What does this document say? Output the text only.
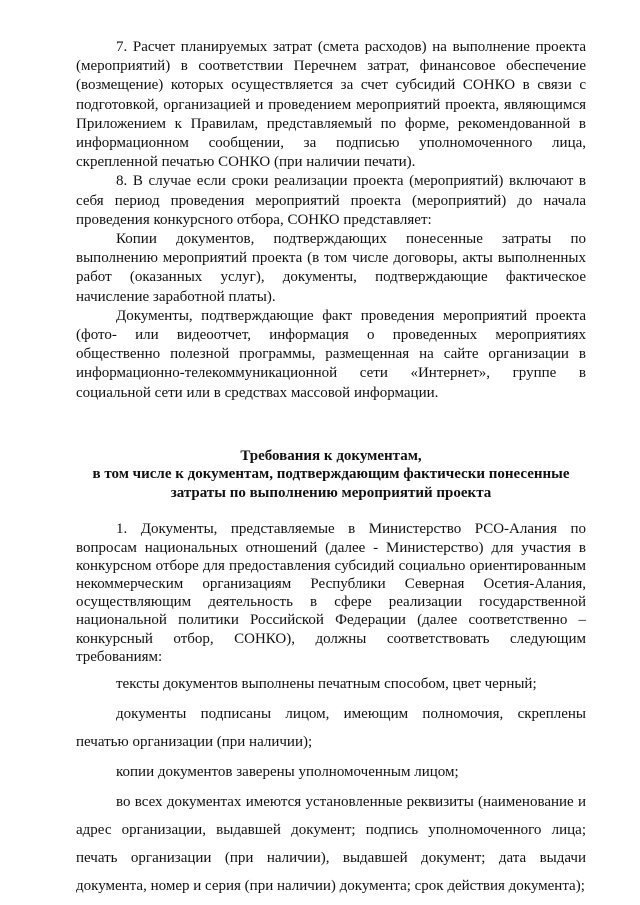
7. Расчет планируемых затрат (смета расходов) на выполнение проекта (мероприятий) в соответствии Перечнем затрат, финансовое обеспечение (возмещение) которых осуществляется за счет субсидий СОНКО в связи с подготовкой, организацией и проведением мероприятий проекта, являющимся Приложением к Правилам, представляемый по форме, рекомендованной в информационном сообщении, за подписью уполномоченного лица, скрепленной печатью СОНКО (при наличии печати).

8. В случае если сроки реализации проекта (мероприятий) включают в себя период проведения мероприятий проекта (мероприятий) до начала проведения конкурсного отбора, СОНКО представляет:

Копии документов, подтверждающих понесенные затраты по выполнению мероприятий проекта (в том числе договоры, акты выполненных работ (оказанных услуг), документы, подтверждающие фактическое начисление заработной платы).

Документы, подтверждающие факт проведения мероприятий проекта (фото- или видеоотчет, информация о проведенных мероприятиях общественно полезной программы, размещенная на сайте организации в информационно-телекоммуникационной сети «Интернет», группе в социальной сети или в средствах массовой информации.

Требования к документам,
в том числе к документам, подтверждающим фактически понесенные
затраты по выполнению мероприятий проекта

1. Документы, представляемые в Министерство РСО-Алания по вопросам национальных отношений (далее - Министерство) для участия в конкурсном отборе для предоставления субсидий социально ориентированным некоммерческим организациям Республики Северная Осетия-Алания, осуществляющим деятельность в сфере реализации государственной национальной политики Российской Федерации (далее соответственно – конкурсный отбор, СОНКО), должны соответствовать следующим требованиям:

тексты документов выполнены печатным способом, цвет черный;

документы подписаны лицом, имеющим полномочия, скреплены печатью организации (при наличии);

копии документов заверены уполномоченным лицом;

во всех документах имеются установленные реквизиты (наименование и адрес организации, выдавшей документ; подпись уполномоченного лица; печать организации (при наличии), выдавшей документ; дата выдачи документа, номер и серия (при наличии) документа; срок действия документа);
